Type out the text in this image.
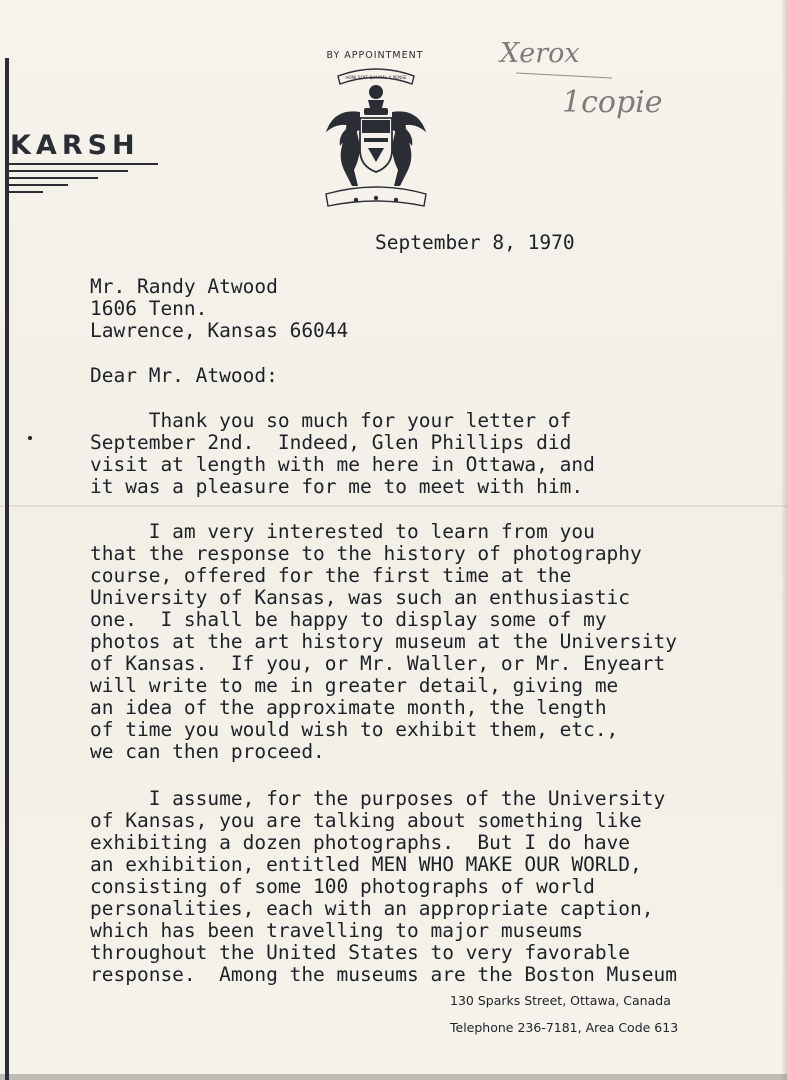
KARSH
BY APPOINTMENT
HONI SOIT QUI MAL Y PENSE
Xerox
1copie
September 8, 1970
Mr. Randy Atwood
1606 Tenn.
Lawrence, Kansas 66044
Dear Mr. Atwood:
Thank you so much for your letter of
September 2nd.  Indeed, Glen Phillips did
visit at length with me here in Ottawa, and
it was a pleasure for me to meet with him.
I am very interested to learn from you
that the response to the history of photography
course, offered for the first time at the
University of Kansas, was such an enthusiastic
one.  I shall be happy to display some of my
photos at the art history museum at the University
of Kansas.  If you, or Mr. Waller, or Mr. Enyeart
will write to me in greater detail, giving me
an idea of the approximate month, the length
of time you would wish to exhibit them, etc.,
we can then proceed.
I assume, for the purposes of the University
of Kansas, you are talking about something like
exhibiting a dozen photographs.  But I do have
an exhibition, entitled MEN WHO MAKE OUR WORLD,
consisting of some 100 photographs of world
personalities, each with an appropriate caption,
which has been travelling to major museums
throughout the United States to very favorable
response.  Among the museums are the Boston Museum
130 Sparks Street, Ottawa, Canada
Telephone 236-7181, Area Code 613
